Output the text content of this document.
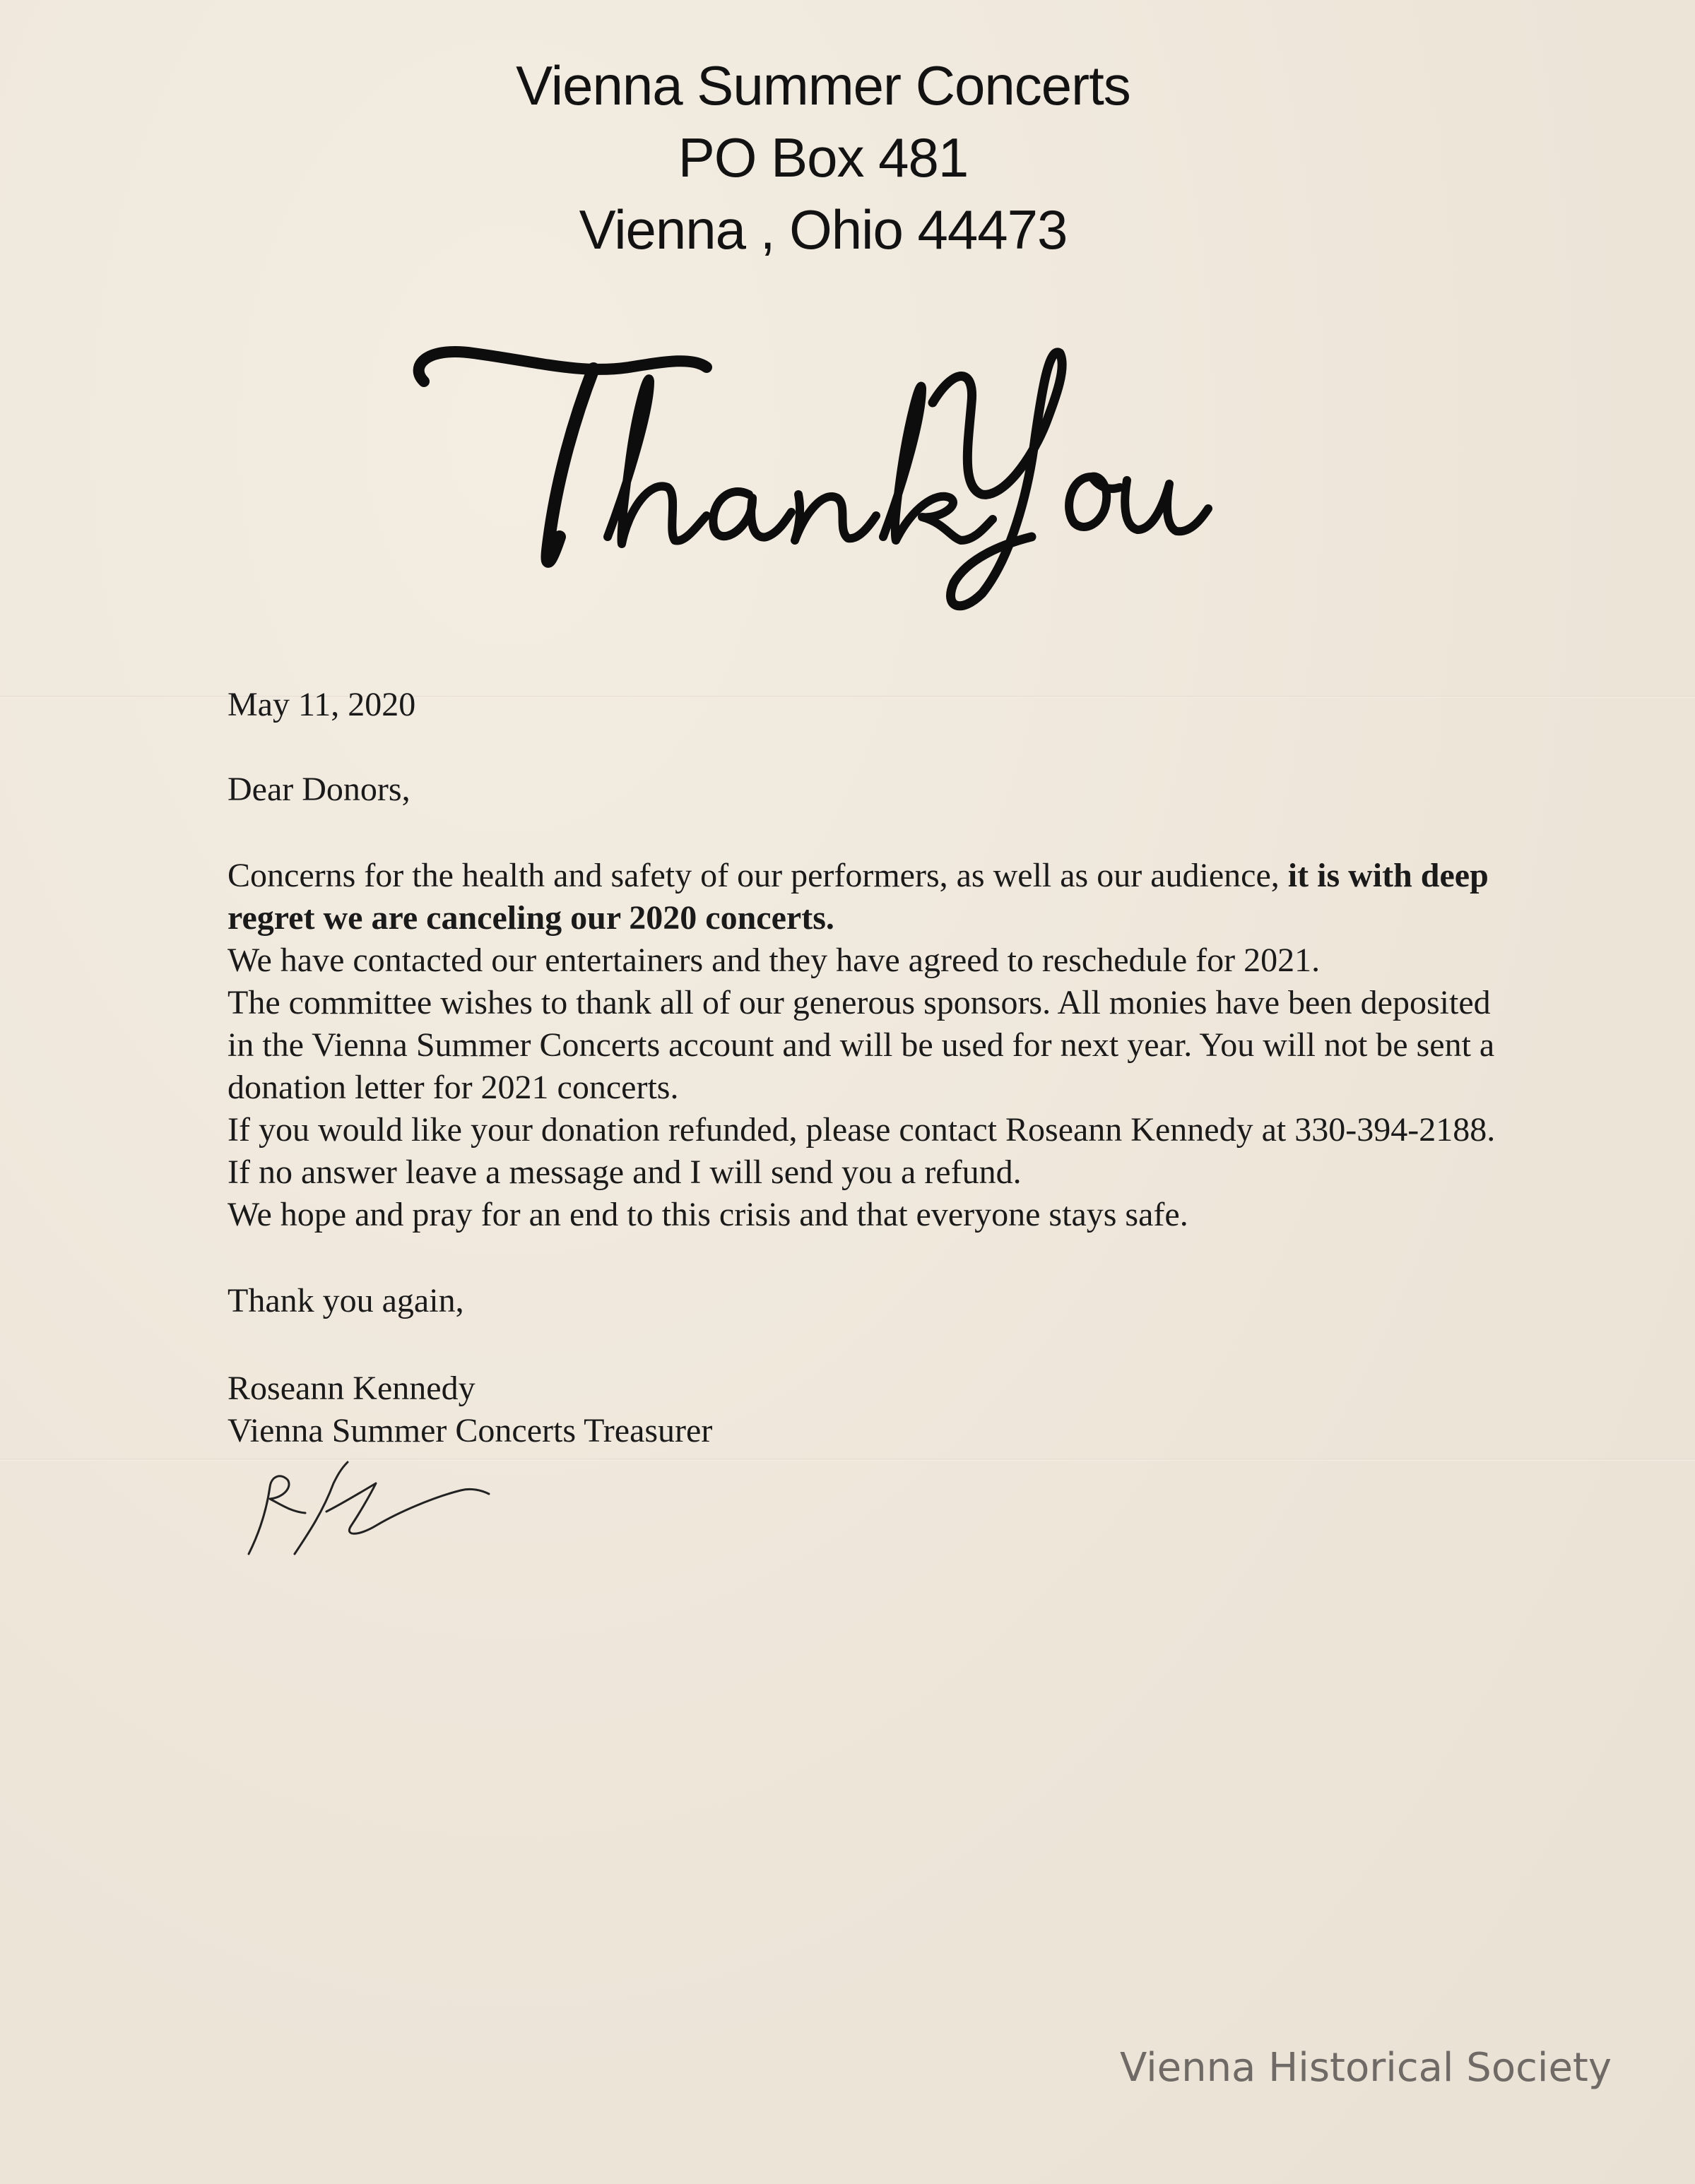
Vienna Summer Concerts
PO Box 481
Vienna , Ohio 44473

May 11, 2020

Dear Donors,

Concerns for the health and safety of our performers, as well as our audience, it is with deep regret we are canceling our 2020 concerts.

We have contacted our entertainers and they have agreed to reschedule for 2021.

The committee wishes to thank all of our generous sponsors. All monies have been deposited in the Vienna Summer Concerts account and will be used for next year. You will not be sent a donation letter for 2021 concerts.

If you would like your donation refunded, please contact Roseann Kennedy at 330-394-2188. If no answer leave a message and I will send you a refund.

We hope and pray for an end to this crisis and that everyone stays safe.

Thank you again,

Roseann Kennedy

Vienna Summer Concerts Treasurer

Vienna Historical Society
